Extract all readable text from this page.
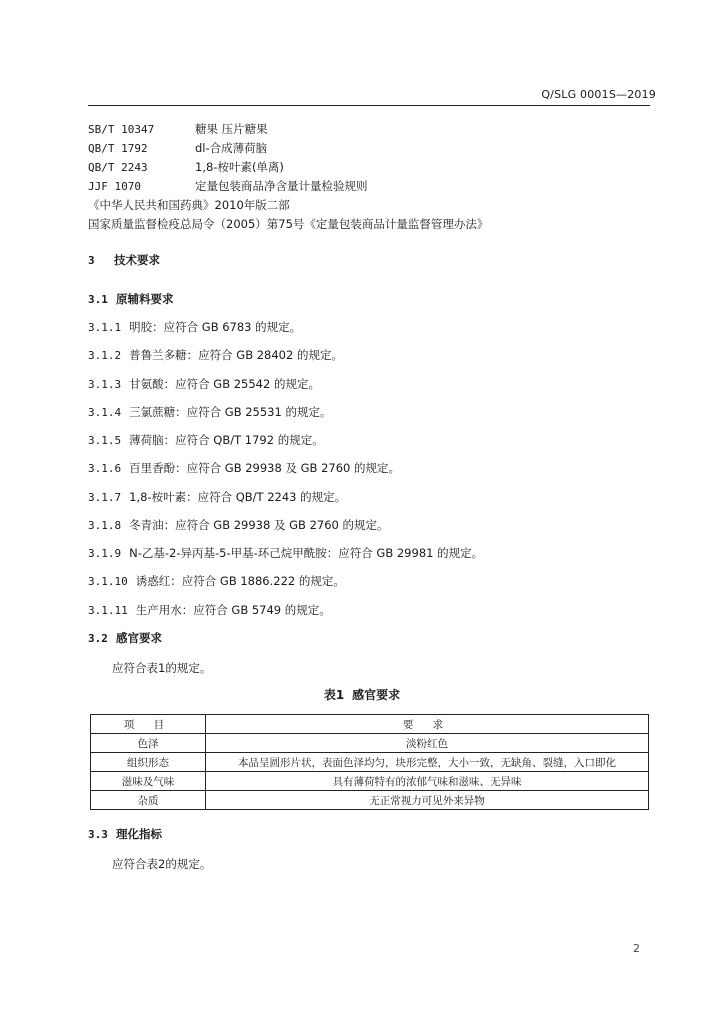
Q/SLG 0001S—2019
SB/T 10347	糖果 压片糖果
QB/T 1792	dl-合成薄荷脑
QB/T 2243	1,8-桉叶素(单离)
JJF 1070	定量包装商品净含量计量检验规则
《中华人民共和国药典》2010年版二部
国家质量监督检疫总局令（2005）第75号《定量包装商品计量监督管理办法》
3 技术要求
3.1 原辅料要求
3.1.1 明胶：应符合 GB 6783 的规定。
3.1.2 普鲁兰多糖：应符合 GB 28402 的规定。
3.1.3 甘氨酸：应符合 GB 25542 的规定。
3.1.4 三氯蔗糖：应符合 GB 25531 的规定。
3.1.5 薄荷脑：应符合 QB/T 1792 的规定。
3.1.6 百里香酚：应符合 GB 29938 及 GB 2760 的规定。
3.1.7 1,8-桉叶素：应符合 QB/T 2243 的规定。
3.1.8 冬青油：应符合 GB 29938 及 GB 2760 的规定。
3.1.9 N-乙基-2-异丙基-5-甲基-环己烷甲酰胺：应符合 GB 29981 的规定。
3.1.10 诱惑红：应符合 GB 1886.222 的规定。
3.1.11 生产用水：应符合 GB 5749 的规定。
3.2 感官要求
应符合表1的规定。
表1 感官要求
项 目	要 求
色泽	淡粉红色
组织形态	本品呈圆形片状，表面色泽均匀，块形完整，大小一致，无缺角、裂缝，入口即化
滋味及气味	具有薄荷特有的浓郁气味和滋味、无异味
杂质	无正常视力可见外来异物
3.3 理化指标
应符合表2的规定。
2
